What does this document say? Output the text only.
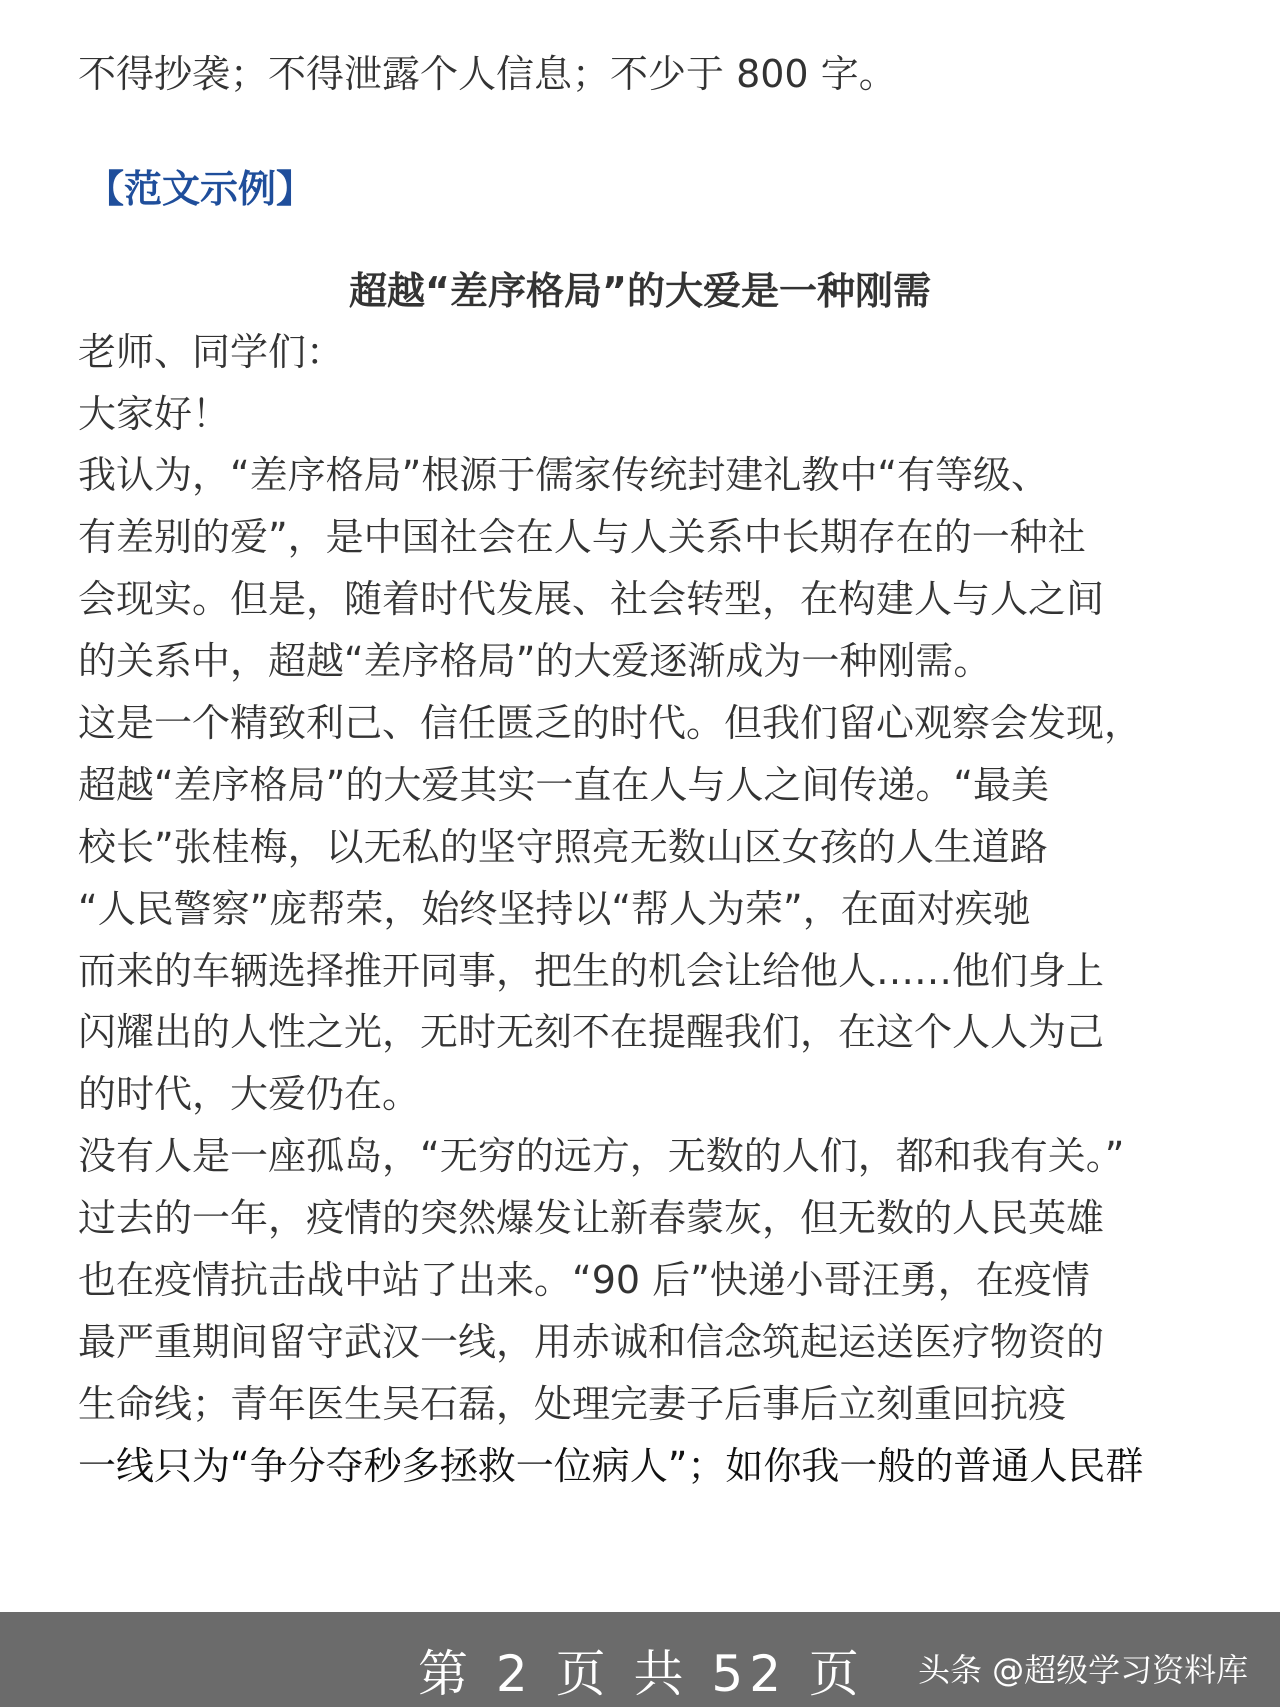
不得抄袭；不得泄露个人信息；不少于 800 字。
【范文示例】
超越“差序格局”的大爱是一种刚需
老师、同学们：
大家好！
我认为，“差序格局”根源于儒家传统封建礼教中“有等级、
有差别的爱”，是中国社会在人与人关系中长期存在的一种社
会现实。但是，随着时代发展、社会转型，在构建人与人之间
的关系中，超越“差序格局”的大爱逐渐成为一种刚需。
这是一个精致利己、信任匮乏的时代。但我们留心观察会发现，
超越“差序格局”的大爱其实一直在人与人之间传递。“最美
校长”张桂梅，以无私的坚守照亮无数山区女孩的人生道路
“人民警察”庞帮荣，始终坚持以“帮人为荣”，在面对疾驰
而来的车辆选择推开同事，把生的机会让给他人……他们身上
闪耀出的人性之光，无时无刻不在提醒我们，在这个人人为己
的时代，大爱仍在。
没有人是一座孤岛，“无穷的远方，无数的人们，都和我有关。”
过去的一年，疫情的突然爆发让新春蒙灰，但无数的人民英雄
也在疫情抗击战中站了出来。“90 后”快递小哥汪勇，在疫情
最严重期间留守武汉一线，用赤诚和信念筑起运送医疗物资的
生命线；青年医生吴石磊，处理完妻子后事后立刻重回抗疫
一线只为“争分夺秒多拯救一位病人”；如你我一般的普通人民群
第 2 页 共 52 页 头条 @超级学习资料库
